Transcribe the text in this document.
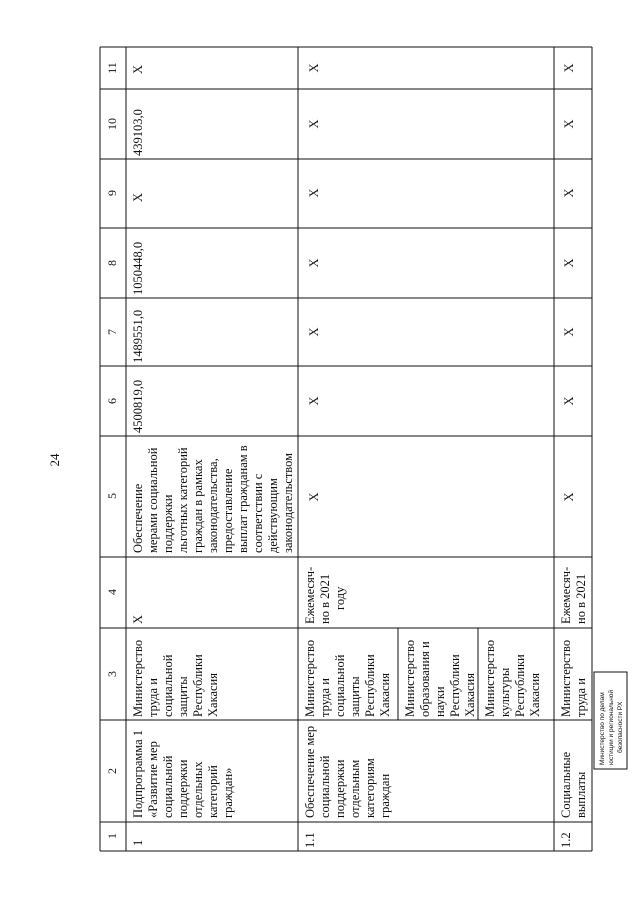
24
11
10
9
8
7
6
5
4
3
2
1
1
Подпрограмма 1 «Развитие мер социальной поддержки отдельных категорий граждан»
Министерство труда и социальной защиты Республики Хакасия
X
Обеспечение мерами социальной поддержки льготных категорий граждан в рамках законодательства, предоставление выплат гражданам в соответствии с действующим законодательством
4500819,0
1489551,0
1050448,0
X
439103,0
X
1.1
Обеспечение мер социальной поддержки отдельным категориям граждан
Министерство труда и социальной защиты Республики Хакасия Министерство образования и науки Республики Хакасия Министерство культуры Республики Хакасия
Ежемесяч- но в 2021 году
X
X
X
X
X
X
X
1.2
Социальные выплаты
Министерство труда и
Ежемесяч- но в 2021
X
X
X
X
X
X
X
Министерство по делам юстиции и региональной безопасности РХ
